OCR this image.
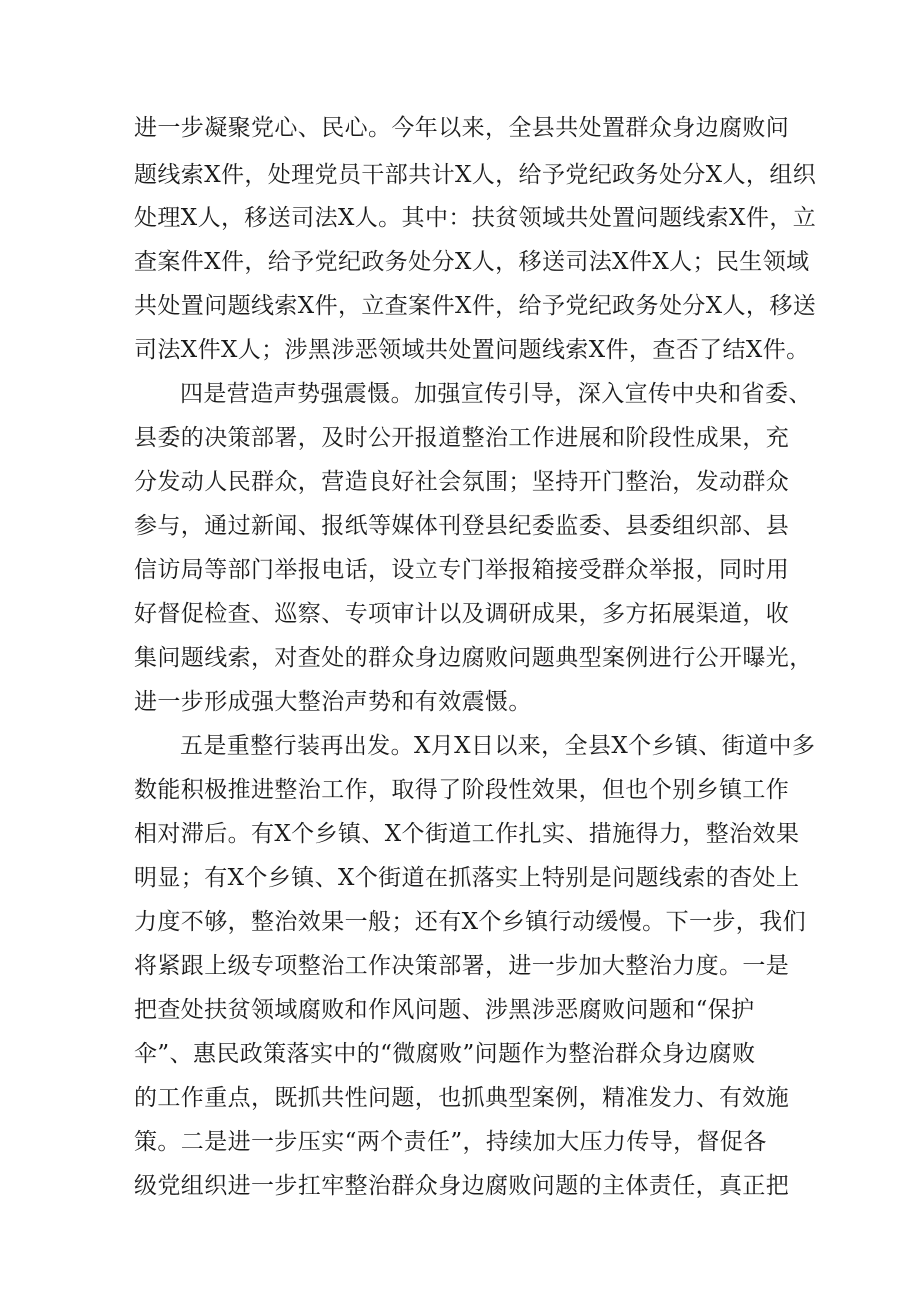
进一步凝聚党心、民心。今年以来，全县共处置群众身边腐败问

题线索X件，处理党员干部共计X人，给予党纪政务处分X人，组织

处理X人，移送司法X人。其中：扶贫领域共处置问题线索X件，立

查案件X件，给予党纪政务处分X人，移送司法X件X人；民生领域

共处置问题线索X件，立查案件X件，给予党纪政务处分X人，移送

司法X件X人；涉黑涉恶领域共处置问题线索X件，查否了结X件。

四是营造声势强震慑。加强宣传引导，深入宣传中央和省委、

县委的决策部署，及时公开报道整治工作进展和阶段性成果，充

分发动人民群众，营造良好社会氛围；坚持开门整治，发动群众

参与，通过新闻、报纸等媒体刊登县纪委监委、县委组织部、县

信访局等部门举报电话，设立专门举报箱接受群众举报，同时用

好督促检查、巡察、专项审计以及调研成果，多方拓展渠道，收

集问题线索，对查处的群众身边腐败问题典型案例进行公开曝光，

进一步形成强大整治声势和有效震慑。

五是重整行装再出发。X月X日以来，全县X个乡镇、街道中多

数能积极推进整治工作，取得了阶段性效果，但也个别乡镇工作

相对滞后。有X个乡镇、X个街道工作扎实、措施得力，整治效果

明显；有X个乡镇、X个街道在抓落实上特别是问题线索的杳处上

力度不够，整治效果一般；还有X个乡镇行动缓慢。下一步，我们

将紧跟上级专项整治工作决策部署，进一步加大整治力度。一是

把查处扶贫领域腐败和作风问题、涉黑涉恶腐败问题和“保护

伞”、惠民政策落实中的“微腐败”问题作为整治群众身边腐败

的工作重点，既抓共性问题，也抓典型案例，精准发力、有效施

策。二是进一步压实“两个责任”，持续加大压力传导，督促各

级党组织进一步扛牢整治群众身边腐败问题的主体责任，真正把
